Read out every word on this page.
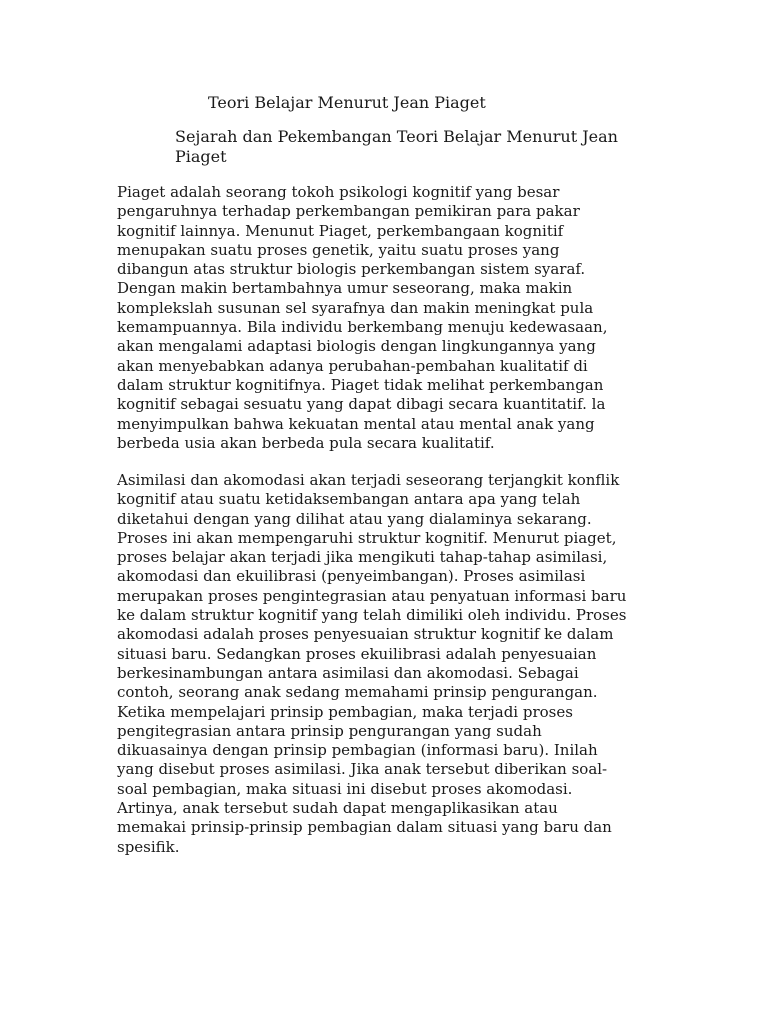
Teori Belajar Menurut Jean Piaget
Sejarah dan Pekembangan Teori Belajar Menurut Jean Piaget

Piaget adalah seorang tokoh psikologi kognitif yang besar
pengaruhnya terhadap perkembangan pemikiran para pakar
kognitif lainnya. Menunut Piaget, perkembangaan kognitif
menupakan suatu proses genetik, yaitu suatu proses yang
dibangun atas struktur biologis perkembangan sistem syaraf.
Dengan makin bertambahnya umur seseorang, maka makin
komplekslah susunan sel syarafnya dan makin meningkat pula
kemampuannya. Bila individu berkembang menuju kedewasaan,
akan mengalami adaptasi biologis dengan lingkungannya yang
akan menyebabkan adanya perubahan-pembahan kualitatif di
dalam struktur kognitifnya. Piaget tidak melihat perkembangan
kognitif sebagai sesuatu yang dapat dibagi secara kuantitatif. la
menyimpulkan bahwa kekuatan mental atau mental anak yang
berbeda usia akan berbeda pula secara kualitatif.

Asimilasi dan akomodasi akan terjadi seseorang terjangkit konflik
kognitif atau suatu ketidaksembangan antara apa yang telah
diketahui dengan yang dilihat atau yang dialaminya sekarang.
Proses ini akan mempengaruhi struktur kognitif. Menurut piaget,
proses belajar akan terjadi jika mengikuti tahap-tahap asimilasi,
akomodasi dan ekuilibrasi (penyeimbangan). Proses asimilasi
merupakan proses pengintegrasian atau penyatuan informasi baru
ke dalam struktur kognitif yang telah dimiliki oleh individu. Proses
akomodasi adalah proses penyesuaian struktur kognitif ke dalam
situasi baru. Sedangkan proses ekuilibrasi adalah penyesuaian
berkesinambungan antara asimilasi dan akomodasi. Sebagai
contoh, seorang anak sedang memahami prinsip pengurangan.
Ketika mempelajari prinsip pembagian, maka terjadi proses
pengitegrasian antara prinsip pengurangan yang sudah
dikuasainya dengan prinsip pembagian (informasi baru). Inilah
yang disebut proses asimilasi. Jika anak tersebut diberikan soal-
soal pembagian, maka situasi ini disebut proses akomodasi.
Artinya, anak tersebut sudah dapat mengaplikasikan atau
memakai prinsip-prinsip pembagian dalam situasi yang baru dan
spesifik.
